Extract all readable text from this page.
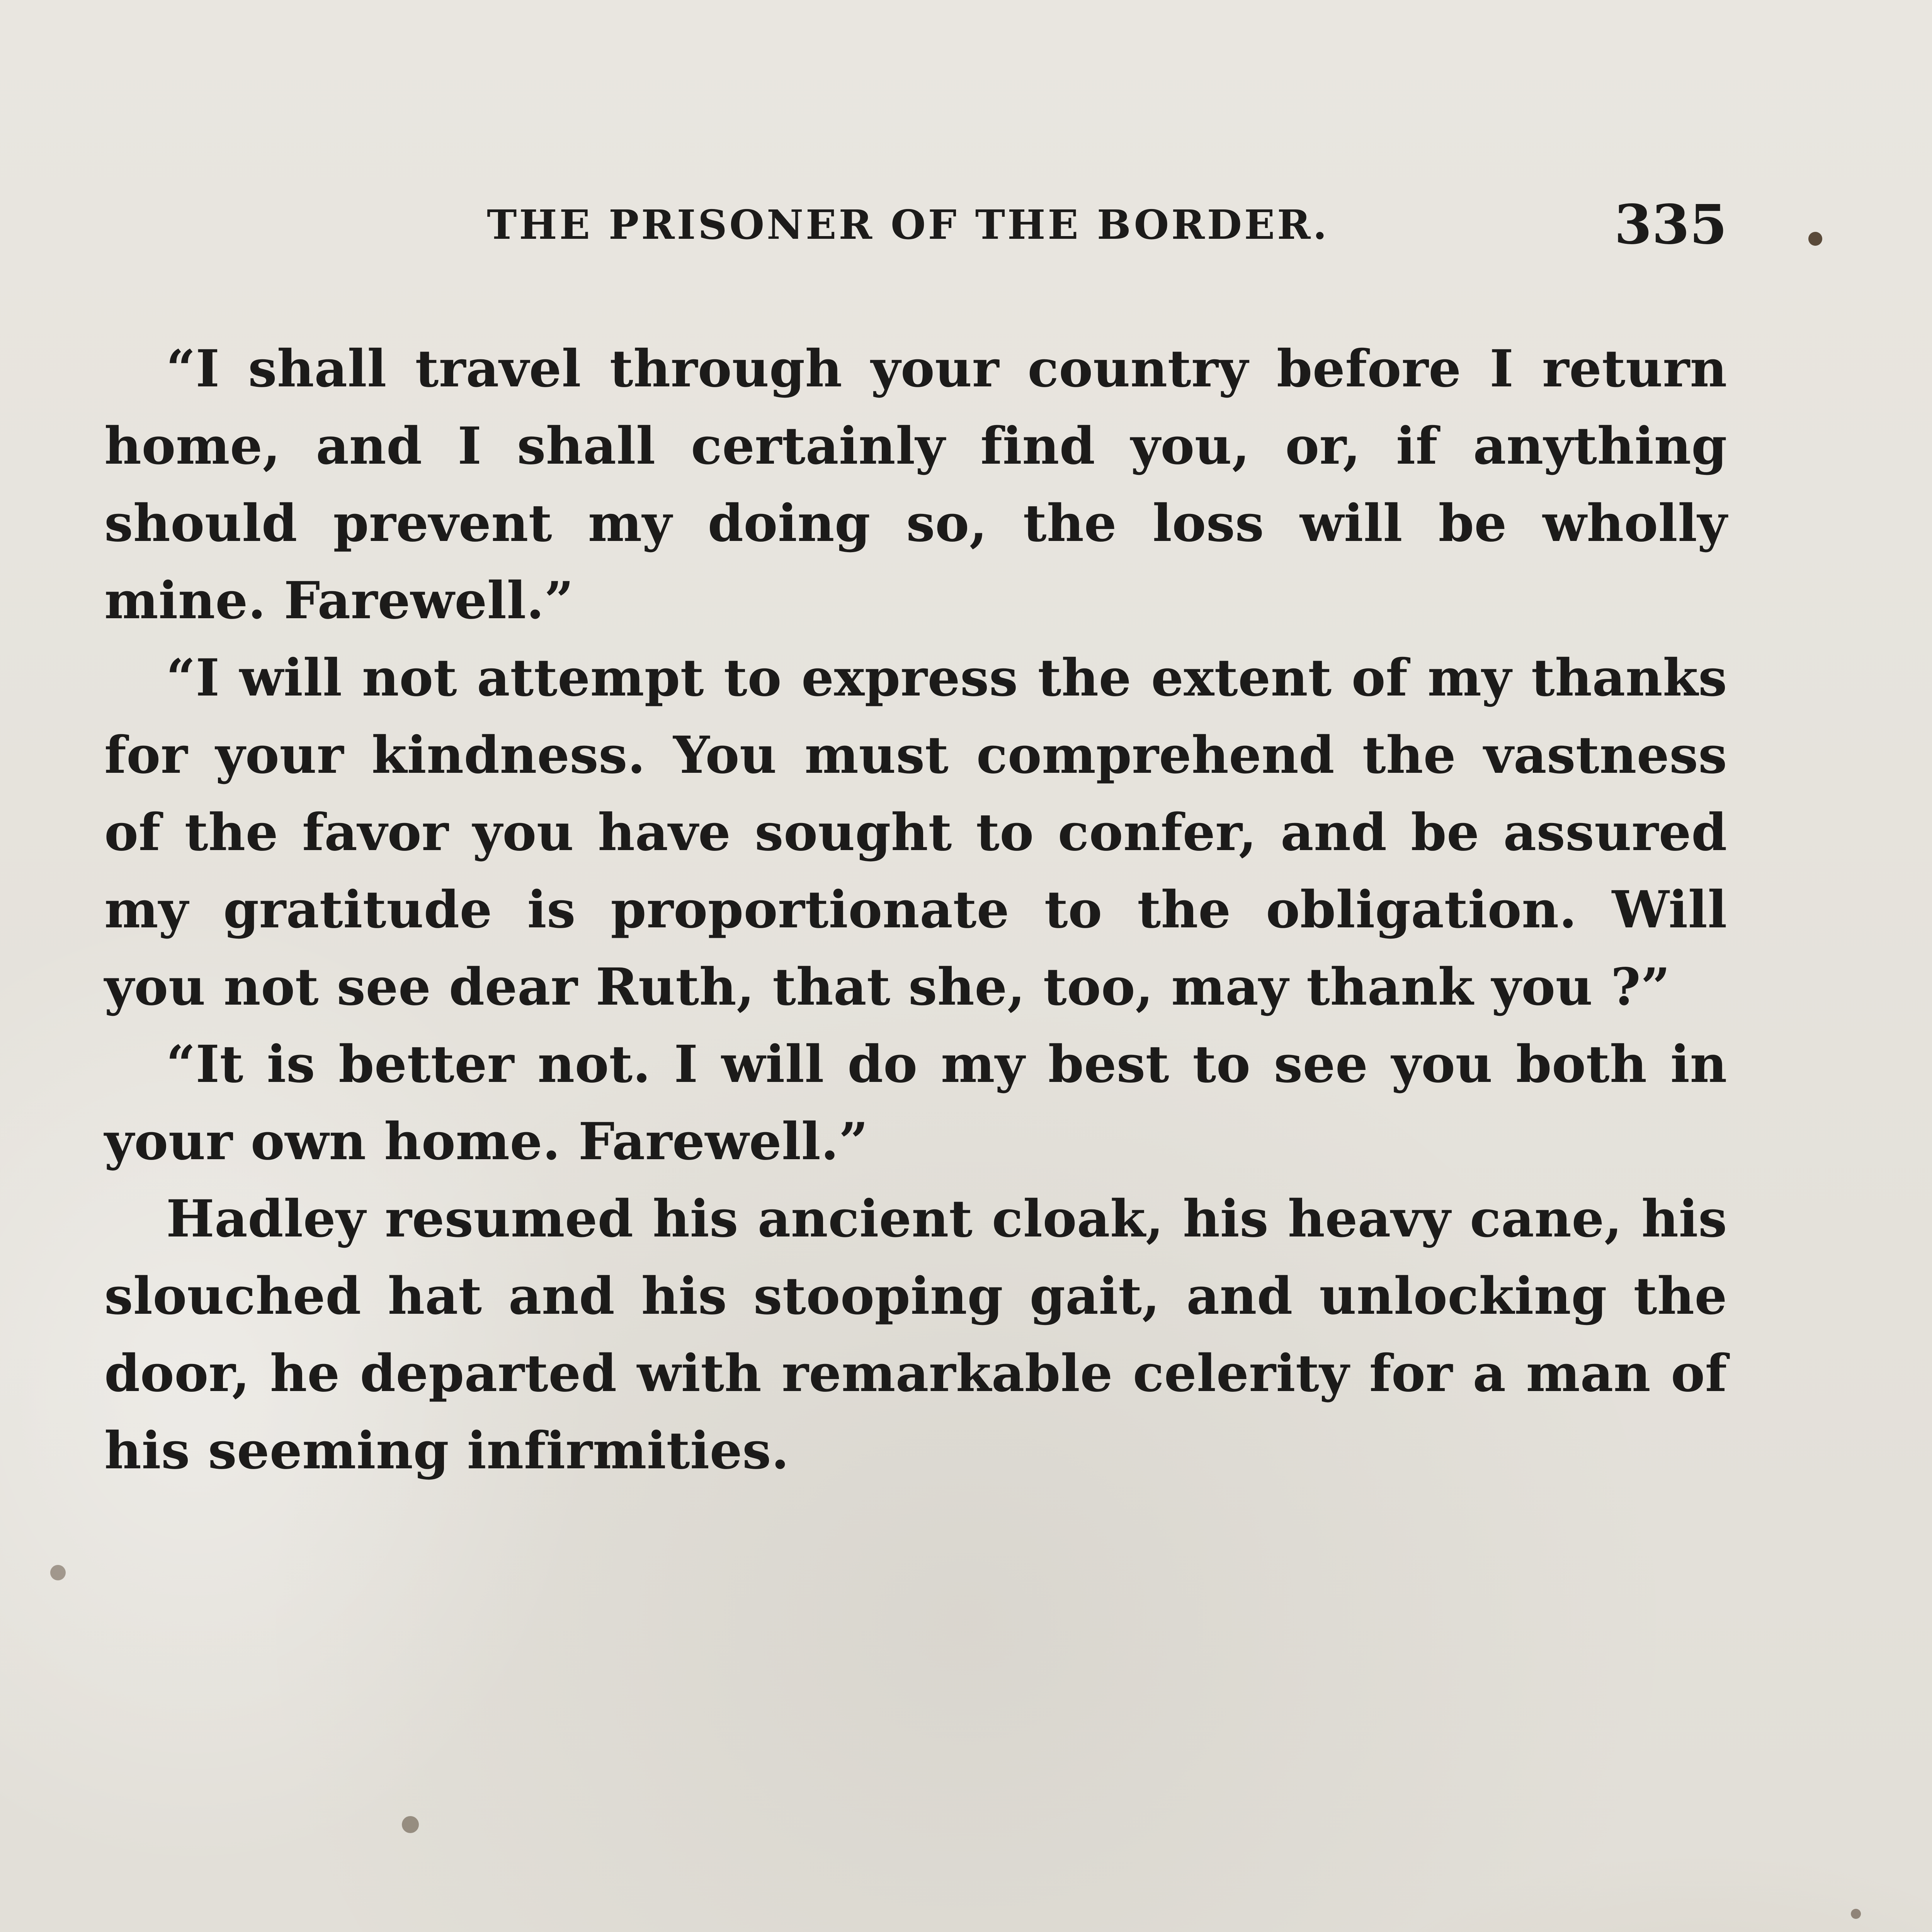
THE PRISONER OF THE BORDER.	335

“I shall travel through your country before I return home, and I shall certainly find you, or, if anything should prevent my doing so, the loss will be wholly mine. Farewell.”

“I will not attempt to express the extent of my thanks for your kindness. You must comprehend the vastness of the favor you have sought to confer, and be assured my gratitude is proportionate to the obligation. Will you not see dear Ruth, that she, too, may thank you ?”

“It is better not. I will do my best to see you both in your own home. Farewell.”

Hadley resumed his ancient cloak, his heavy cane, his slouched hat and his stooping gait, and unlocking the door, he departed with remarkable celerity for a man of his seeming infirmities.
